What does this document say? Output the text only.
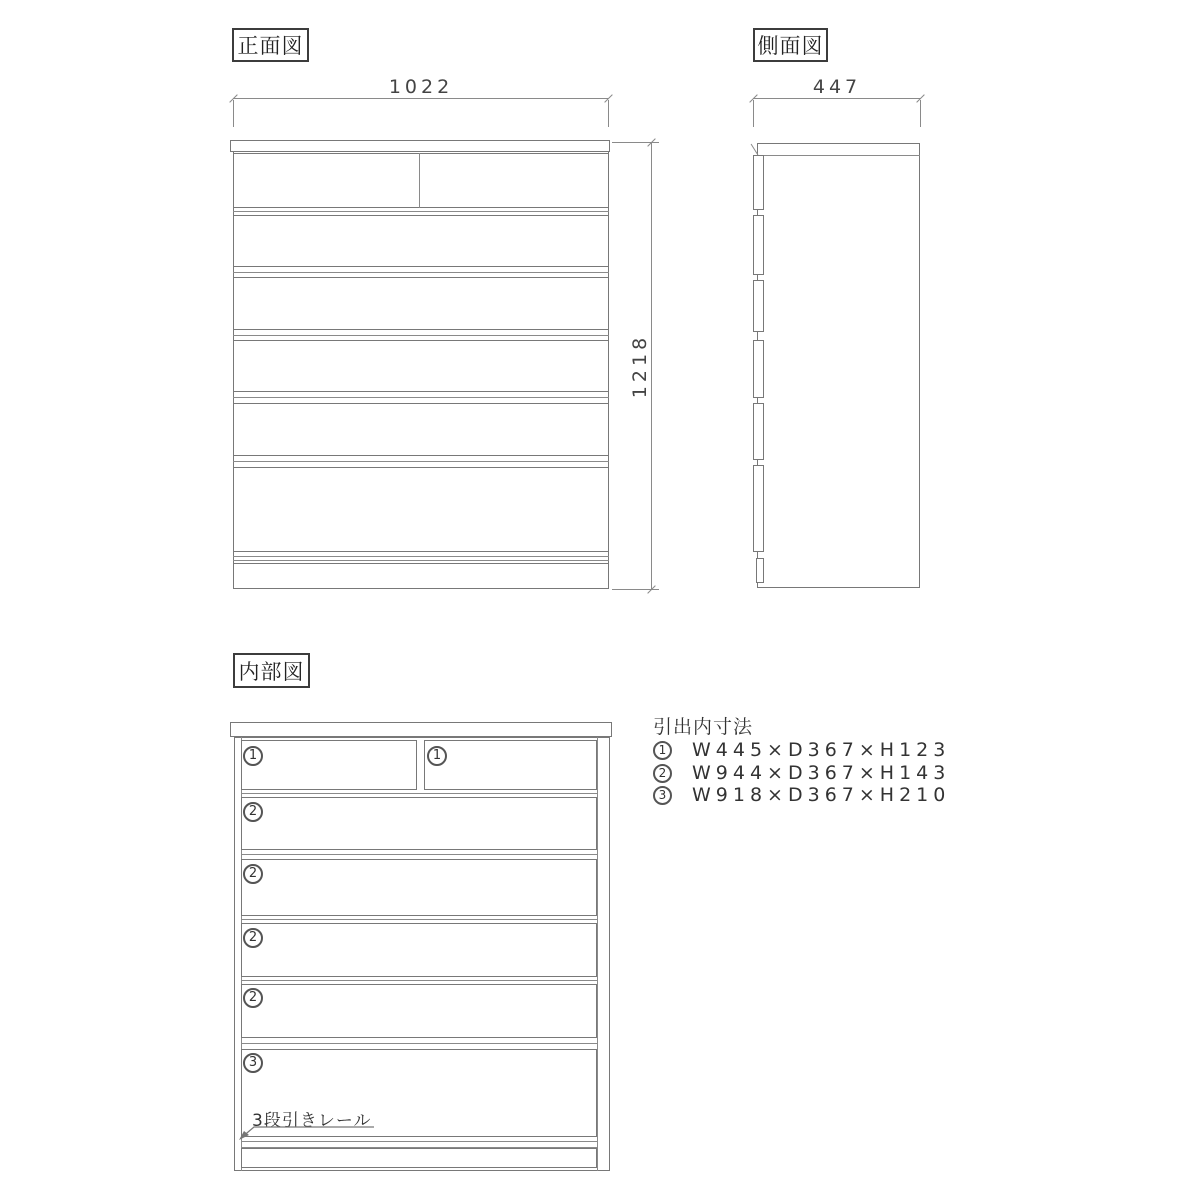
正面図
1022
1218
側面図
447
内部図
1	1
2
2
2
2
3
3段引きレール
引出内寸法
1 W445×D367×H123
2 W944×D367×H143
3 W918×D367×H210
